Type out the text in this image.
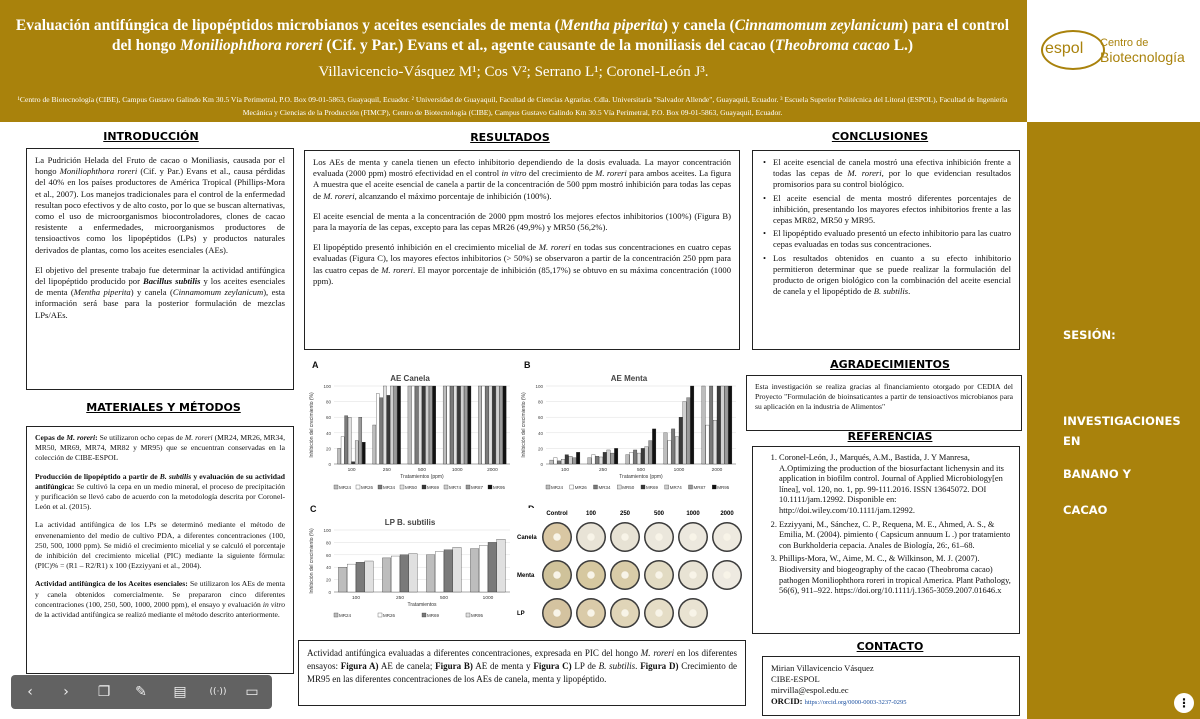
Evaluación antifúngica de lipopéptidos microbianos y aceites esenciales de menta (Mentha piperita) y canela (Cinnamomum zeylanicum) para el control del hongo Moniliophthora roreri (Cif. y Par.) Evans et al., agente causante de la moniliasis del cacao (Theobroma cacao L.)
Villavicencio-Vásquez M¹; Cos V²; Serrano L¹; Coronel-León J³.
¹Centro de Biotecnología (CIBE), Campus Gustavo Galindo Km 30.5 Vía Perimetral, P.O. Box 09-01-5863, Guayaquil, Ecuador. ² Universidad de Guayaquil, Facultad de Ciencias Agrarias. Cdla. Universitaria "Salvador Allende", Guayaquil, Ecuador. ³ Escuela Superior Politécnica del Litoral (ESPOL), Facultad de Ingeniería Mecánica y Ciencias de la Producción (FIMCP), Centro de Biotecnología (CIBE), Campus Gustavo Galindo Km 30.5 Vía Perimetral, P.O. Box 09-01-5863, Guayaquil, Ecuador.
espol Centro de
Biotecnología
SESIÓN:
INVESTIGACIONES
EN
BANANO Y
CACAO
INTRODUCCIÓN

La Pudrición Helada del Fruto de cacao o Moniliasis, causada por el hongo Moniliophthora roreri (Cif. y Par.) Evans et al., causa pérdidas del 40% en los países productores de América Tropical (Phillips-Mora et al., 2007). Los manejos tradicionales para el control de la enfermedad resultan poco efectivos y de alto costo, por lo que se buscan alternativas, como el uso de microorganismos biocontroladores, clones de cacao resistente a enfermedades, microorganismos productores de tensioactivos como los lipopéptidos (LPs) y productos naturales derivados de plantas, como los aceites esenciales (AEs).

El objetivo del presente trabajo fue determinar la actividad antifúngica del lipopéptido producido por Bacillus subtilis y los aceites esenciales de menta (Mentha piperita) y canela (Cinnamomum zeylanicum), esta información será base para la posterior formulación de mezclas LPs/AEs.

MATERIALES Y MÉTODOS

Cepas de M. roreri: Se utilizaron ocho cepas de M. roreri (MR24, MR26, MR34, MR50, MR69, MR74, MR82 y MR95) que se encuentran conservadas en la colección de CIBE-ESPOL

Producción de lipopéptido a partir de B. subtilis y evaluación de su actividad antifúngica: Se cultivó la cepa en un medio mineral, el proceso de precipitación y purificación se llevó cabo de acuerdo con la metodología descrita por Coronel-León et al. (2015).

La actividad antifúngica de los LPs se determinó mediante el método de envenenamiento del medio de cultivo PDA, a diferentes concentraciones (100, 250, 500, 1000 ppm). Se midió el crecimiento micelial y se calculó el porcentaje de inhibición del crecimiento micelial (PIC) mediante la siguiente fórmula: (PIC)% = (R1 – R2/R1) x 100 (Ezziyyani et al., 2004).

Actividad antifúngica de los Aceites esenciales: Se utilizaron los AEs de menta y canela obtenidos comercialmente. Se prepararon cinco diferentes concentraciones (100, 250, 500, 1000, 2000 ppm), el ensayo y evaluación in vitro de la actividad antifúngica se realizó mediante el método descrito anteriormente.

RESULTADOS

Los AEs de menta y canela tienen un efecto inhibitorio dependiendo de la dosis evaluada. La mayor concentración evaluada (2000 ppm) mostró efectividad en el control in vitro del crecimiento de M. roreri para ambos aceites. La figura A muestra que el aceite esencial de canela a partir de la concentración de 500 ppm mostró inhibición para todas las cepas de M. roreri, alcanzando el máximo porcentaje de inhibición (100%).

El aceite esencial de menta a la concentración de 2000 ppm mostró los mejores efectos inhibitorios (100%) (Figura B) para la mayoría de las cepas, excepto para las cepas MR26 (49,9%) y MR50 (56,2%).

El lipopéptido presentó inhibición en el crecimiento micelial de M. roreri en todas sus concentraciones en cuatro cepas evaluadas (Figura C), los mayores efectos inhibitorios (> 50%) se observaron a partir de la concentración 250 ppm para las cuatro cepas de M. roreri. El mayor porcentaje de inhibición (85,17%) se obtuvo en su máxima concentración (1000 ppm).

A	B
C
AE Canela
0
20
40
60
80
100
100	250	500	1000	2000
Tratamientos (ppm)
Inhibición del crecimiento (%)
MR24 MR26 MR34 MR50 MR69 MR74 MR87 MR95
AE Menta
0
20
40
60
80
100
100	250	500	1000	2000
Tratamientos (ppm)
Inhibición del crecimiento (%)
MR24	MR26	MR34	MR50	MR69	MR74	MR87	MR95
LP B. subtilis
0
20
40
60
80
100
100	250	500	1000
Tratamientos
Inhibición del crecimiento (%)
MR24	MR26	MR69	MR95
Control	100	250	500	1000	2000
Canela
Menta
LP
Actividad antifúngica evaluadas a diferentes concentraciones, expresada en PIC del hongo M. roreri en los diferentes ensayos: Figura A) AE de canela; Figura B) AE de menta y Figura C) LP de B. subtilis. Figura D) Crecimiento de MR95 en las diferentes concentraciones de los AEs de canela, menta y lipopéptido.
CONCLUSIONES
• El aceite esencial de canela mostró una efectiva inhibición frente a todas las cepas de M. roreri, por lo que evidencian resultados promisorios para su control biológico.
• El aceite esencial de menta mostró diferentes porcentajes de inhibición, presentando los mayores efectos inhibitorios frente a las cepas MR82, MR50 y MR95.
• El lipopéptido evaluado presentó un efecto inhibitorio para las cuatro cepas evaluadas en todas sus concentraciones.
• Los resultados obtenidos en cuanto a su efecto inhibitorio permitieron determinar que se puede realizar la formulación del producto de origen biológico con la combinación del aceite esencial de canela y el lipopéptido de B. subtilis.
AGRADECIMIENTOS
Esta investigación se realiza gracias al financiamiento otorgado por CEDIA del Proyecto "Formulación de bioinsaticantes a partir de tensioactivos microbianos para su aplicación en la industria de Alimentos"
REFERENCIAS
1. Coronel-León, J., Marqués, A.M., Bastida, J. Y Manresa, A.Optimizing the production of the biosurfactant lichenysin and its application in biofilm control. Journal of Applied Microbiology[en línea], vol. 120, no. 1, pp. 99-111.2016. ISSN 13645072. DOI 10.1111/jam.12992. Disponible en: http://doi.wiley.com/10.1111/jam.12992.
2. Ezziyyani, M., Sánchez, C. P., Requena, M. E., Ahmed, A. S., & Emilia, M. (2004). pimiento ( Capsicum annuum L .) por tratamiento con Burkholderia cepacia. Anales de Biología, 26:, 61–68.
3. Phillips-Mora, W., Aime, M. C., & Wilkinson, M. J. (2007). Biodiversity and biogeography of the cacao (Theobroma cacao) pathogen Moniliophthora roreri in tropical America. Plant Pathology, 56(6), 911–922. https://doi.org/10.1111/j.1365-3059.2007.01646.x
CONTACTO
Mirian Villavicencio Vásquez
CIBE-ESPOL
mirvilla@espol.edu.ec
ORCID: https://orcid.org/0000-0003-3237-0295
‹	›	❐	✎	▤	((·))	▭
⋮
